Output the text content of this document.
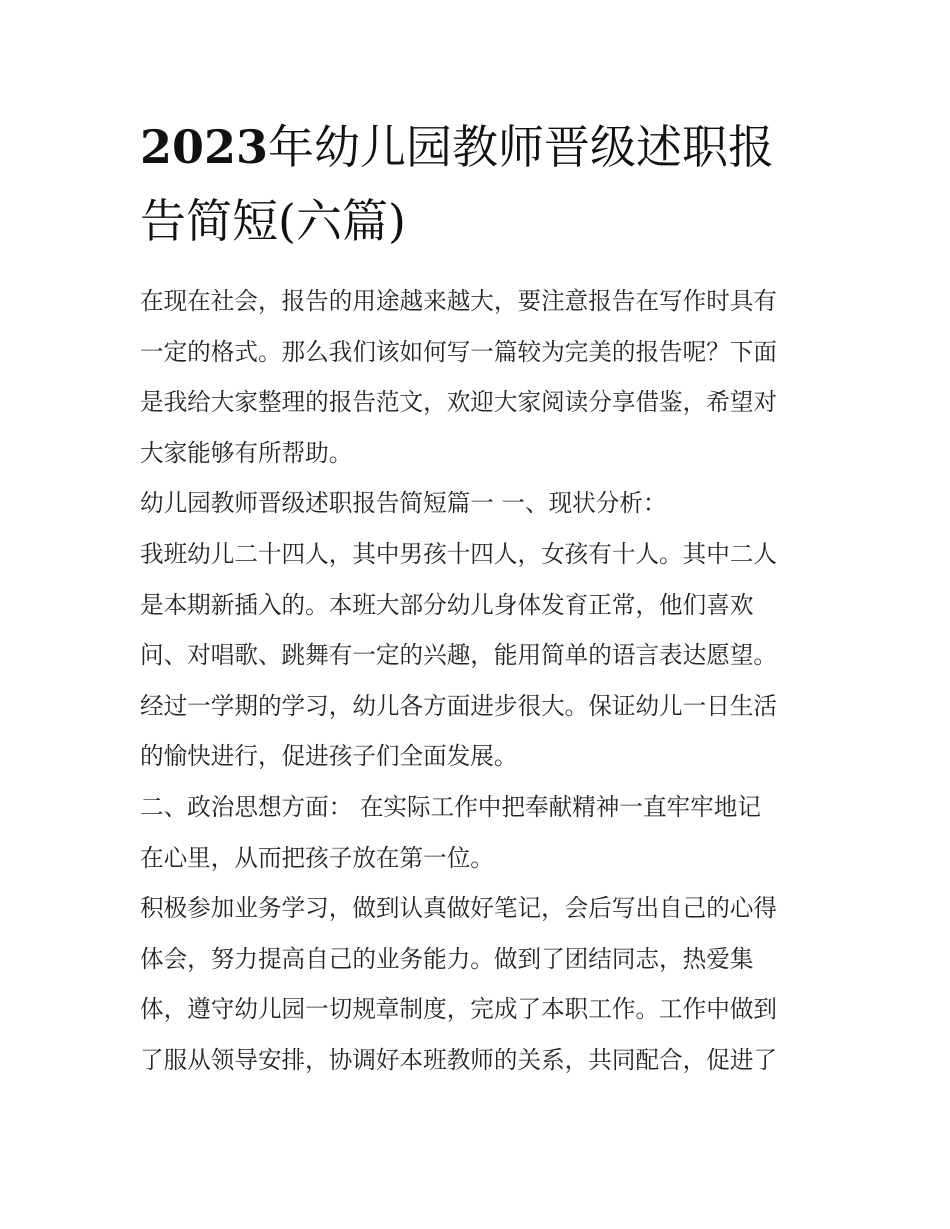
2023年幼儿园教师晋级述职报
告简短(六篇)

在现在社会，报告的用途越来越大，要注意报告在写作时具有
一定的格式。那么我们该如何写一篇较为完美的报告呢？下面
是我给大家整理的报告范文，欢迎大家阅读分享借鉴，希望对
大家能够有所帮助。

幼儿园教师晋级述职报告简短篇一 一、现状分析：

我班幼儿二十四人，其中男孩十四人，女孩有十人。其中二人
是本期新插入的。本班大部分幼儿身体发育正常，他们喜欢
问、对唱歌、跳舞有一定的兴趣，能用简单的语言表达愿望。
经过一学期的学习，幼儿各方面进步很大。保证幼儿一日生活
的愉快进行，促进孩子们全面发展。

二、政治思想方面： 在实际工作中把奉献精神一直牢牢地记
在心里，从而把孩子放在第一位。

积极参加业务学习，做到认真做好笔记，会后写出自己的心得
体会，努力提高自己的业务能力。做到了团结同志，热爱集
体，遵守幼儿园一切规章制度，完成了本职工作。工作中做到
了服从领导安排，协调好本班教师的关系，共同配合，促进了
